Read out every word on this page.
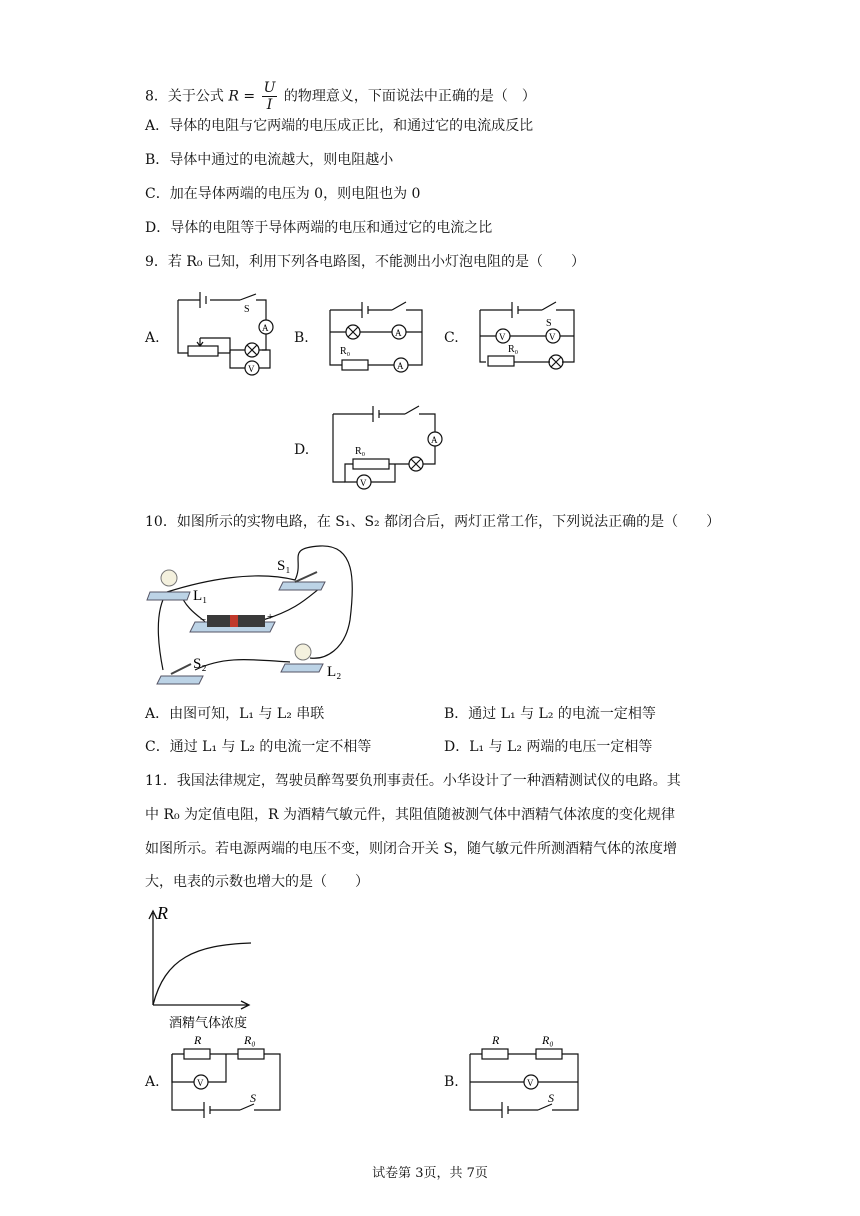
8．关于公式 $R = \frac{U}{I}$ 的物理意义，下面说法中正确的是（　）
A．导体的电阻与它两端的电压成正比，和通过它的电流成反比
B．导体中通过的电流越大，则电阻越小
C．加在导体两端的电压为 0，则电阻也为 0
D．导体的电阻等于导体两端的电压和通过它的电流之比
9．若 R₀ 已知，利用下列各电路图，不能测出小灯泡电阻的是（　　）
A.	B.	C.
D.
S
A
V
R₀
A
A
S
R₀
V	V
R₀
A
V
10．如图所示的实物电路，在 S₁、S₂ 都闭合后，两灯正常工作，下列说法正确的是（　　）
L₁
−	+
S₁
S₂	L₂
A．由图可知，L₁ 与 L₂ 串联	B．通过 L₁ 与 L₂ 的电流一定相等
C．通过 L₁ 与 L₂ 的电流一定不相等	D．L₁ 与 L₂ 两端的电压一定相等
11．我国法律规定，驾驶员醉驾要负刑事责任。小华设计了一种酒精测试仪的电路。其
中 R₀ 为定值电阻，R 为酒精气敏元件，其阻值随被测气体中酒精气体浓度的变化规律
如图所示。若电源两端的电压不变，则闭合开关 S，随气敏元件所测酒精气体的浓度增
大，电表的示数也增大的是（　　）
R
酒精气体浓度
A.	B.
R	R₀
S
V
R	R₀
S
V
试卷第 3页，共 7页
